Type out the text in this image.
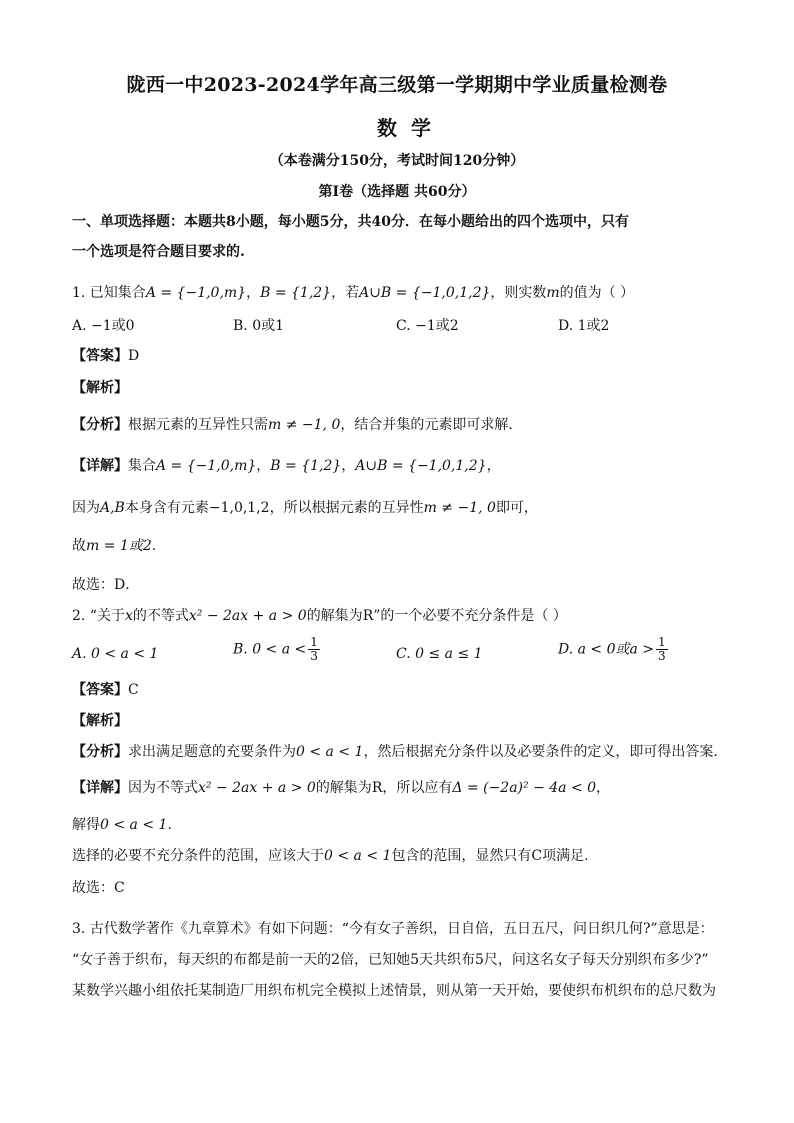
陇西一中2023-2024学年高三级第一学期期中学业质量检测卷
数学
（本卷满分150分，考试时间120分钟）
第I卷（选择题 共60分）
一、单项选择题：本题共8小题，每小题5分，共40分．在每小题给出的四个选项中，只有
一个选项是符合题目要求的.
1. 已知集合A = {−1,0,m}，B = {1,2}，若A∪B = {−1,0,1,2}，则实数m的值为（ ）
A. −1或0	B. 0或1	C. −1或2	D. 1或2
【答案】D
【解析】
【分析】根据元素的互异性只需m ≠ −1, 0，结合并集的元素即可求解．
【详解】集合A = {−1,0,m}，B = {1,2}，A∪B = {−1,0,1,2}，
因为A,B本身含有元素−1,0,1,2，所以根据元素的互异性m ≠ −1, 0即可，
故m = 1或2.
故选：D．
2. “关于x的不等式x² − 2ax + a > 0的解集为R”的一个必要不充分条件是（ ）
A. 0 < a < 1	B. $0 < a < \frac{1}{3}$	C. 0 ≤ a ≤ 1	D. a < 0或$a > \frac{1}{3}$
【答案】C
【解析】
【分析】求出满足题意的充要条件为0 < a < 1，然后根据充分条件以及必要条件的定义，即可得出答案.
【详解】因为不等式x² − 2ax + a > 0的解集为R，所以应有Δ = (−2a)² − 4a < 0，
解得0 < a < 1.
选择的必要不充分条件的范围，应该大于0 < a < 1包含的范围，显然只有C项满足.
故选：C
3. 古代数学著作《九章算术》有如下问题：“今有女子善织，日自倍，五日五尺，问日织几何?”意思是：
“女子善于织布，每天织的布都是前一天的2倍，已知她5天共织布5尺，问这名女子每天分别织布多少?”
某数学兴趣小组依托某制造厂用织布机完全模拟上述情景，则从第一天开始，要使织布机织布的总尺数为
